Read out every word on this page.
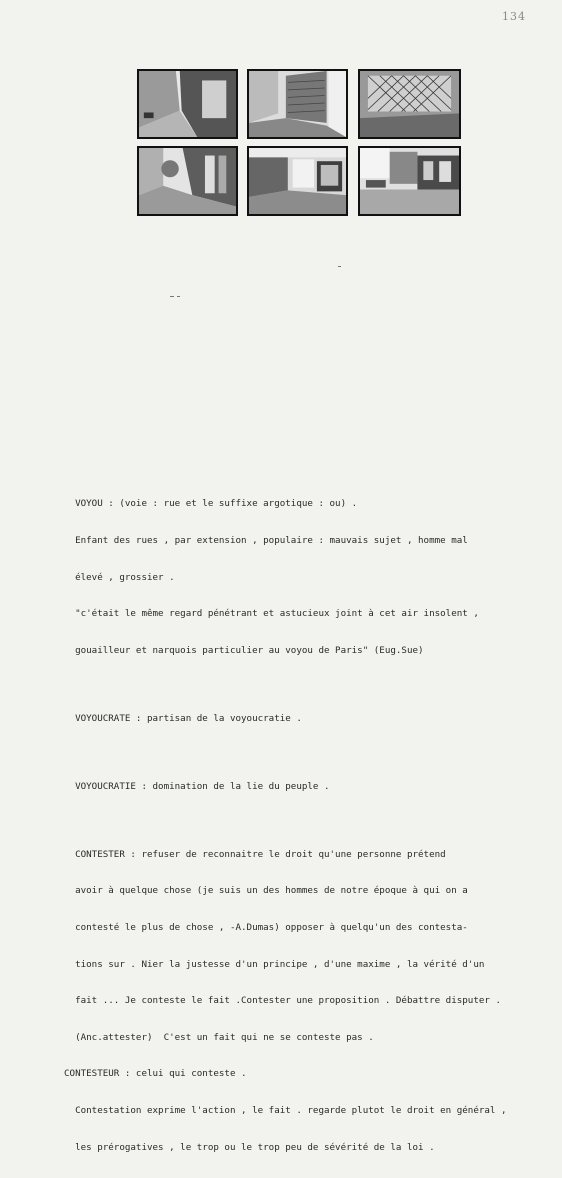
134

VOYOU : (voie : rue et le suffixe argotique : ou) .

Enfant des rues , par extension , populaire : mauvais sujet , homme mal

élevé , grossier .

"c'était le même regard pénétrant et astucieux joint à cet air insolent ,

gouailleur et narquois particulier au voyou de Paris" (Eug.Sue)

VOYOUCRATE : partisan de la voyoucratie .

VOYOUCRATIE : domination de la lie du peuple .

CONTESTER : refuser de reconnaitre le droit qu'une personne prétend

avoir à quelque chose (je suis un des hommes de notre époque à qui on a

contesté le plus de chose , -A.Dumas) opposer à quelqu'un des contesta-

tions sur . Nier la justesse d'un principe , d'une maxime , la vérité d'un

fait ... Je conteste le fait .Contester une proposition . Débattre disputer .

(Anc.attester)  C'est un fait qui ne se conteste pas .

CONTESTEUR : celui qui conteste .

Contestation exprime l'action , le fait . regarde plutot le droit en général ,

les prérogatives , le trop ou le trop peu de sévérité de la loi .
